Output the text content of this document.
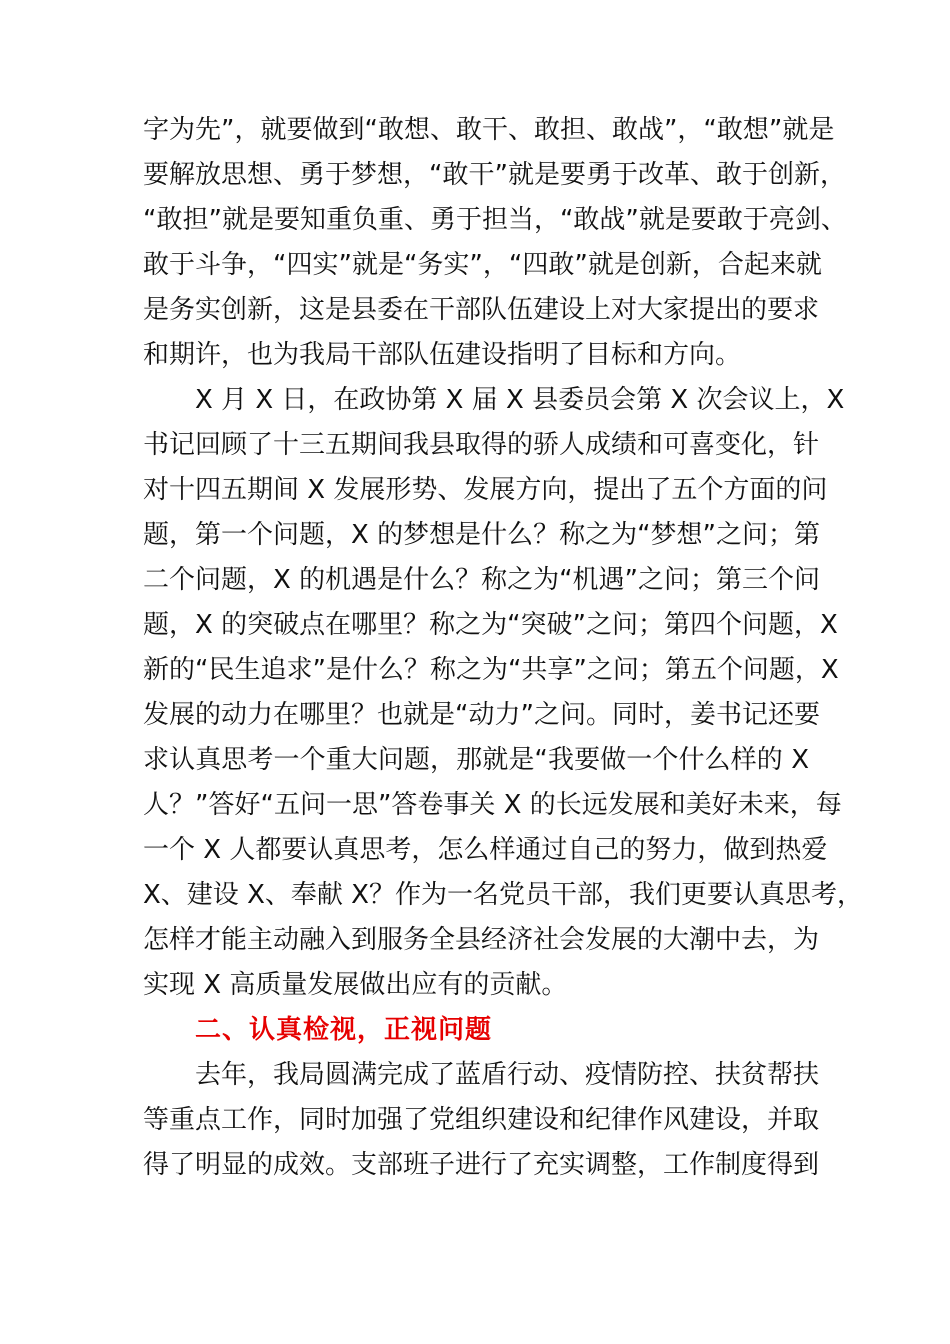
字为先”，就要做到“敢想、敢干、敢担、敢战”，“敢想”就是
要解放思想、勇于梦想，“敢干”就是要勇于改革、敢于创新，
“敢担”就是要知重负重、勇于担当，“敢战”就是要敢于亮剑、
敢于斗争，“四实”就是“务实”，“四敢”就是创新，合起来就
是务实创新，这是县委在干部队伍建设上对大家提出的要求
和期许，也为我局干部队伍建设指明了目标和方向。
X 月 X 日，在政协第 X 届 X 县委员会第 X 次会议上，X
书记回顾了十三五期间我县取得的骄人成绩和可喜变化，针
对十四五期间 X 发展形势、发展方向，提出了五个方面的问
题，第一个问题，X 的梦想是什么？称之为“梦想”之问；第
二个问题，X 的机遇是什么？称之为“机遇”之问；第三个问
题，X 的突破点在哪里？称之为“突破”之问；第四个问题，X
新的“民生追求”是什么？称之为“共享”之问；第五个问题，X
发展的动力在哪里？也就是“动力”之问。同时，姜书记还要
求认真思考一个重大问题，那就是“我要做一个什么样的 X
人？”答好“五问一思”答卷事关 X 的长远发展和美好未来，每
一个 X 人都要认真思考，怎么样通过自己的努力，做到热爱
X、建设 X、奉献 X？作为一名党员干部，我们更要认真思考，
怎样才能主动融入到服务全县经济社会发展的大潮中去，为
实现 X 高质量发展做出应有的贡献。
二、认真检视，正视问题
去年，我局圆满完成了蓝盾行动、疫情防控、扶贫帮扶
等重点工作，同时加强了党组织建设和纪律作风建设，并取
得了明显的成效。支部班子进行了充实调整，工作制度得到
